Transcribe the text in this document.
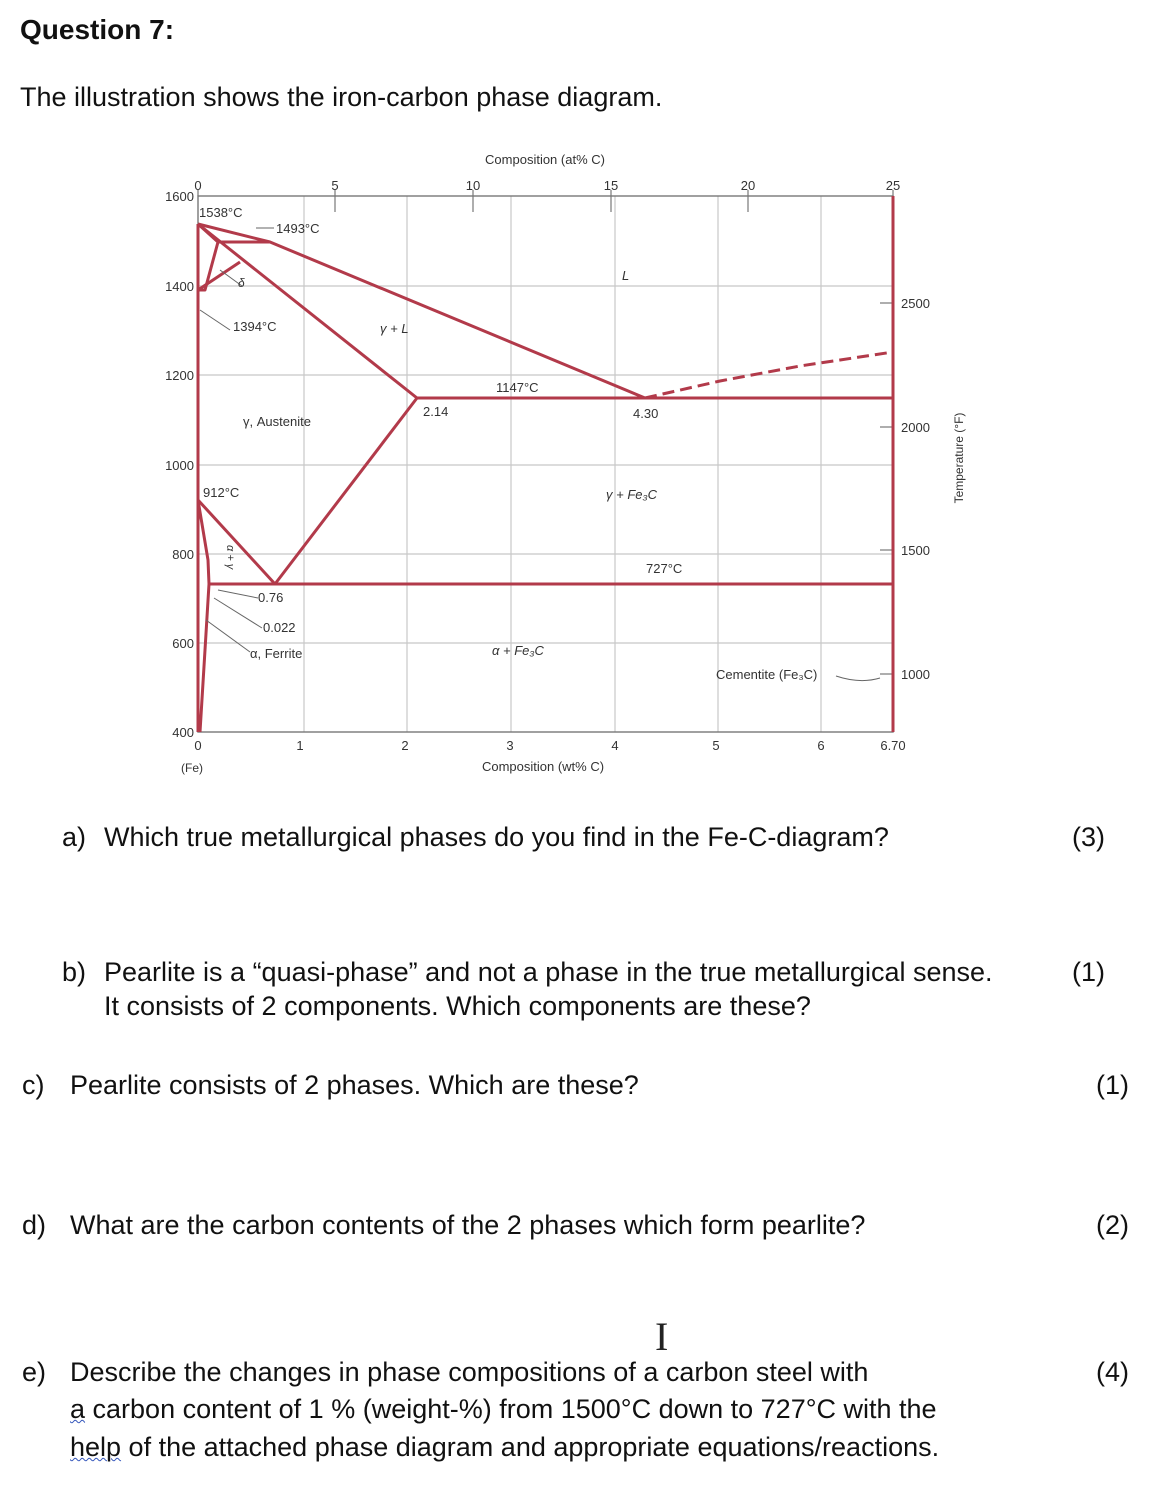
Question 7:
The illustration shows the iron-carbon phase diagram.
Composition (at% C)
0	5	10	15	20	25
1600
1400
1200
1000
800
600
400
2500
2000
1500
1000
Temperature (°F)
0	1	2	3	4	5	6	6.70
(Fe)	Composition (wt% C)
1538°C
1493°C
δ	L
1394°C	γ + L
1147°C
2.14	4.30
γ, Austenite
912°C	γ + Fe₃C
α + γ	727°C
0.76
0.022
α, Ferrite	α + Fe₃C
Cementite (Fe₃C)
a) Which true metallurgical phases do you find in the Fe-C-diagram?	(3)
b) Pearlite is a “quasi-phase” and not a phase in the true metallurgical sense.
It consists of 2 components. Which components are these?
(1)
c) Pearlite consists of 2 phases. Which are these?	(1)
d) What are the carbon contents of the 2 phases which form pearlite?	(2)
I
e) Describe the changes in phase compositions of a carbon steel with
a carbon content of 1 % (weight-%) from 1500°C down to 727°C with the
help of the attached phase diagram and appropriate equations/reactions.
(4)
